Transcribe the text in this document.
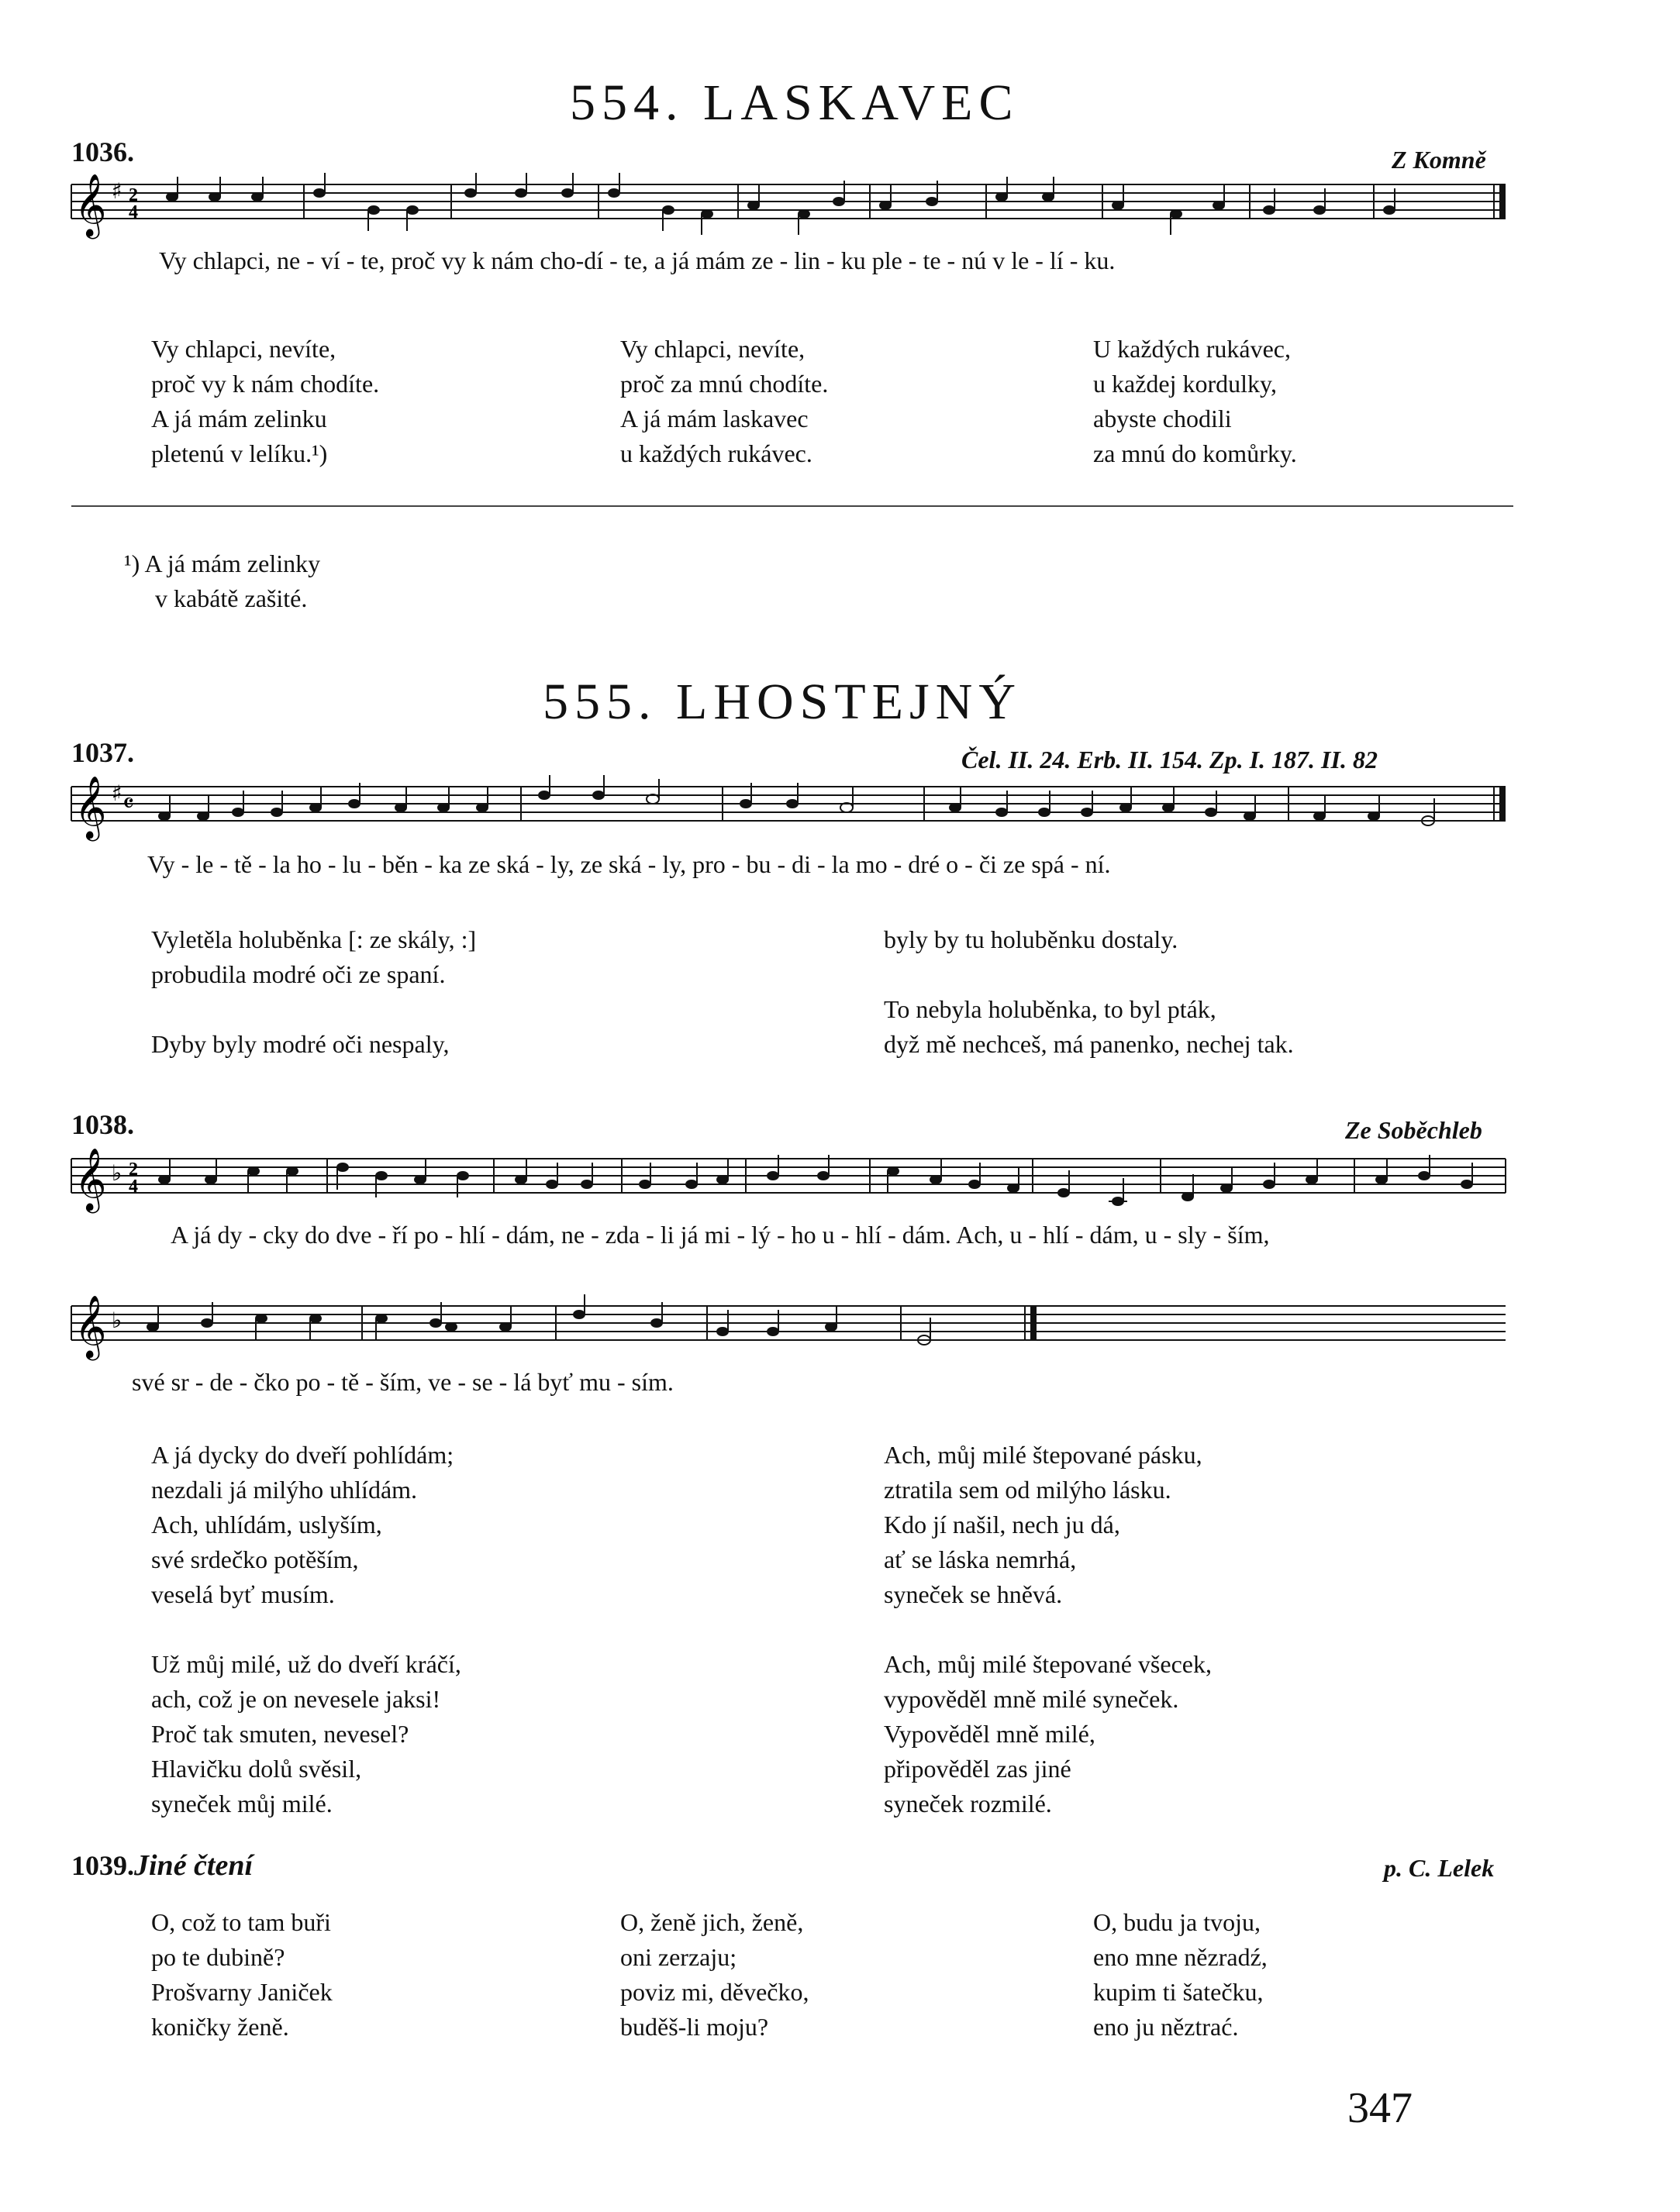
554. LASKAVEC
1036.	Z Komně
𝄞 ♯ 2
4
Vy chlapci, ne - ví - te, proč vy k nám cho-dí - te, a já mám ze - lin - ku ple - te - nú v le - lí - ku.
Vy chlapci, nevíte,
proč vy k nám chodíte.
A já mám zelinku
pletenú v lelíku.¹)
Vy chlapci, nevíte,
proč za mnú chodíte.
A já mám laskavec
u každých rukávec.
U každých rukávec,
u každej kordulky,
abyste chodili
za mnú do komůrky.
¹) A já mám zelinky
v kabátě zašité.
555. LHOSTEJNÝ
1037.	Čel. II. 24. Erb. II. 154. Zp. I. 187. II. 82
𝄞 ♯ 𝄴
Vy - le - tě - la ho - lu - běn - ka ze ská - ly, ze ská - ly, pro - bu - di - la mo - dré o - či ze spá - ní.
Vyletěla holuběnka [: ze skály, :]
probudila modré oči ze spaní.
Dyby byly modré oči nespaly,
byly by tu holuběnku dostaly.
To nebyla holuběnka, to byl pták,
dyž mě nechceš, má panenko, nechej tak.
1038.	Ze Soběchleb
𝄞 ♭ 2
4
A já dy - cky do dve - ří po - hlí - dám, ne - zda - li já mi - lý - ho u - hlí - dám. Ach, u - hlí - dám, u - sly - ším,
𝄞 ♭
své sr - de - čko po - tě - ším, ve - se - lá byť mu - sím.
A já dycky do dveří pohlídám;
nezdali já milýho uhlídám.
Ach, uhlídám, uslyším,
své srdečko potěším,
veselá byť musím.
Už můj milé, už do dveří kráčí,
ach, což je on nevesele jaksi!
Proč tak smuten, nevesel?
Hlavičku dolů svěsil,
syneček můj milé.
Ach, můj milé štepované pásku,
ztratila sem od milýho lásku.
Kdo jí našil, nech ju dá,
ať se láska nemrhá,
syneček se hněvá.
Ach, můj milé štepované všecek,
vypověděl mně milé syneček.
Vypověděl mně milé,
připověděl zas jiné
syneček rozmilé.
1039.Jiné čtení	p. C. Lelek
O, což to tam buři
po te dubině?
Prošvarny Janiček
koničky ženě.
O, ženě jich, ženě,
oni zerzaju;
poviz mi, děvečko,
buděš-li moju?
O, budu ja tvoju,
eno mne nězradź,
kupim ti šatečku,
eno ju něztrać.
347
